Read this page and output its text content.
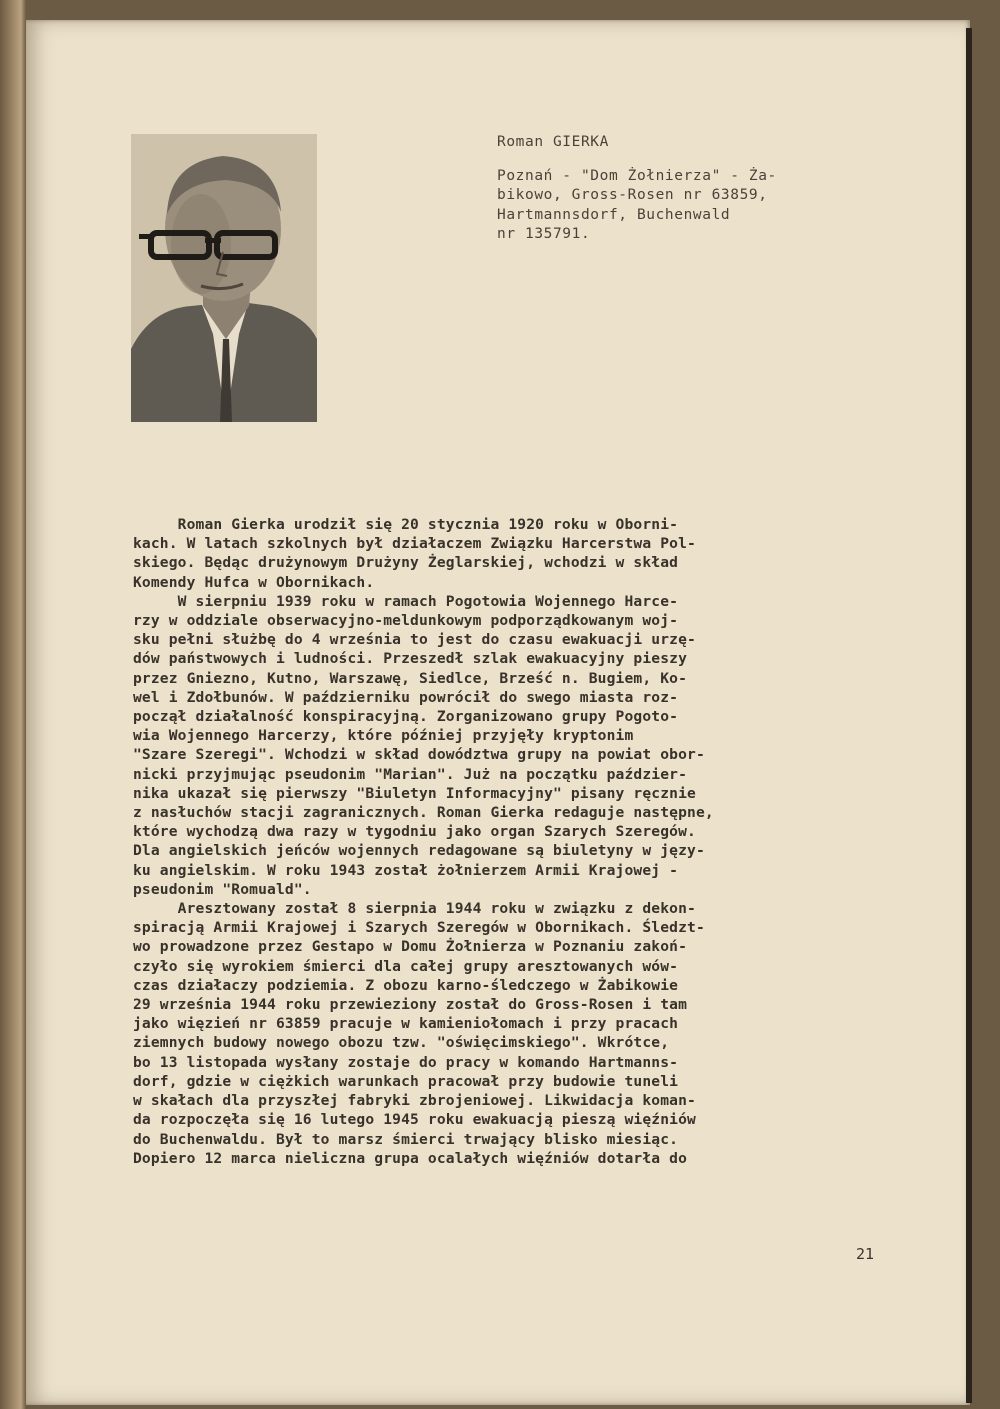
Roman GIERKA
Poznań - "Dom Żołnierza" - Ża-
bikowo, Gross-Rosen nr 63859,
Hartmannsdorf, Buchenwald
nr 135791.
Roman Gierka urodził się 20 stycznia 1920 roku w Oborni-
kach. W latach szkolnych był działaczem Związku Harcerstwa Pol-
skiego. Będąc drużynowym Drużyny Żeglarskiej, wchodzi w skład
Komendy Hufca w Obornikach.
W sierpniu 1939 roku w ramach Pogotowia Wojennego Harce-
rzy w oddziale obserwacyjno-meldunkowym podporządkowanym woj-
sku pełni służbę do 4 września to jest do czasu ewakuacji urzę-
dów państwowych i ludności. Przeszedł szlak ewakuacyjny pieszy
przez Gniezno, Kutno, Warszawę, Siedlce, Brześć n. Bugiem, Ko-
wel i Zdołbunów. W październiku powrócił do swego miasta roz-
począł działalność konspiracyjną. Zorganizowano grupy Pogoto-
wia Wojennego Harcerzy, które później przyjęły kryptonim
"Szare Szeregi". Wchodzi w skład dowództwa grupy na powiat obor-
nicki przyjmując pseudonim "Marian". Już na początku paździer-
nika ukazał się pierwszy "Biuletyn Informacyjny" pisany ręcznie
z nasłuchów stacji zagranicznych. Roman Gierka redaguje następne,
które wychodzą dwa razy w tygodniu jako organ Szarych Szeregów.
Dla angielskich jeńców wojennych redagowane są biuletyny w języ-
ku angielskim. W roku 1943 został żołnierzem Armii Krajowej -
pseudonim "Romuald".
Aresztowany został 8 sierpnia 1944 roku w związku z dekon-
spiracją Armii Krajowej i Szarych Szeregów w Obornikach. Śledzt-
wo prowadzone przez Gestapo w Domu Żołnierza w Poznaniu zakoń-
czyło się wyrokiem śmierci dla całej grupy aresztowanych wów-
czas działaczy podziemia. Z obozu karno-śledczego w Żabikowie
29 września 1944 roku przewieziony został do Gross-Rosen i tam
jako więzień nr 63859 pracuje w kamieniołomach i przy pracach
ziemnych budowy nowego obozu tzw. "oświęcimskiego". Wkrótce,
bo 13 listopada wysłany zostaje do pracy w komando Hartmanns-
dorf, gdzie w ciężkich warunkach pracował przy budowie tuneli
w skałach dla przyszłej fabryki zbrojeniowej. Likwidacja koman-
da rozpoczęła się 16 lutego 1945 roku ewakuacją pieszą więźniów
do Buchenwaldu. Był to marsz śmierci trwający blisko miesiąc.
Dopiero 12 marca nieliczna grupa ocalałych więźniów dotarła do
21
